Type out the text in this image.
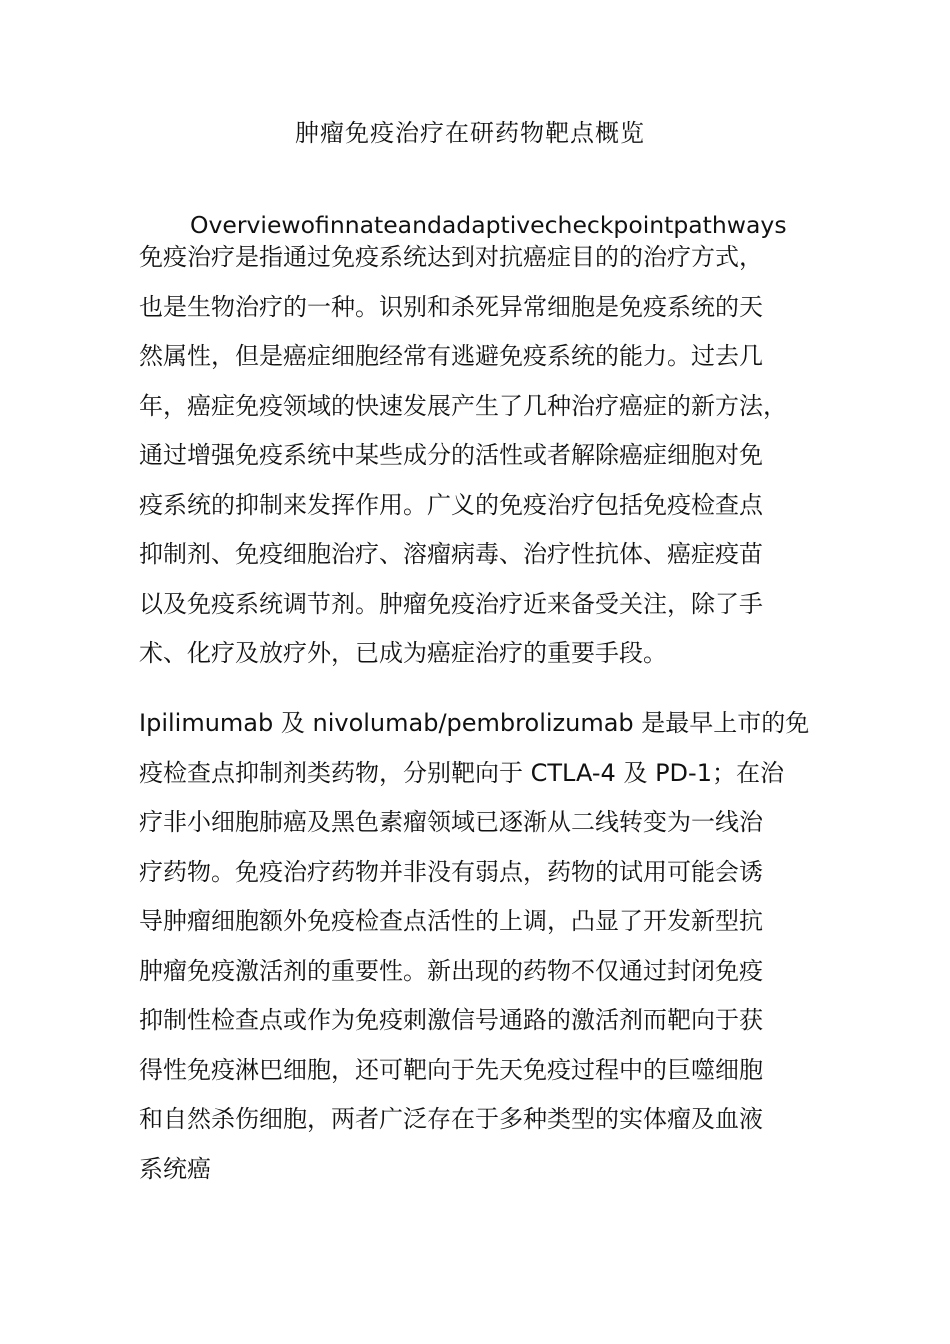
肿瘤免疫治疗在研药物靶点概览

Overviewofinnateandadaptivecheckpointpathways

免疫治疗是指通过免疫系统达到对抗癌症目的的治疗方式，
也是生物治疗的一种。识别和杀死异常细胞是免疫系统的天
然属性，但是癌症细胞经常有逃避免疫系统的能力。过去几
年，癌症免疫领域的快速发展产生了几种治疗癌症的新方法，
通过增强免疫系统中某些成分的活性或者解除癌症细胞对免
疫系统的抑制来发挥作用。广义的免疫治疗包括免疫检查点
抑制剂、免疫细胞治疗、溶瘤病毒、治疗性抗体、癌症疫苗
以及免疫系统调节剂。肿瘤免疫治疗近来备受关注，除了手
术、化疗及放疗外，已成为癌症治疗的重要手段。
Ipilimumab 及 nivolumab/pembrolizumab 是最早上市的免
疫检查点抑制剂类药物，分别靶向于 CTLA-4 及 PD-1；在治
疗非小细胞肺癌及黑色素瘤领域已逐渐从二线转变为一线治
疗药物。免疫治疗药物并非没有弱点，药物的试用可能会诱
导肿瘤细胞额外免疫检查点活性的上调，凸显了开发新型抗
肿瘤免疫激活剂的重要性。新出现的药物不仅通过封闭免疫
抑制性检查点或作为免疫刺激信号通路的激活剂而靶向于获
得性免疫淋巴细胞，还可靶向于先天免疫过程中的巨噬细胞
和自然杀伤细胞，两者广泛存在于多种类型的实体瘤及血液
系统癌
